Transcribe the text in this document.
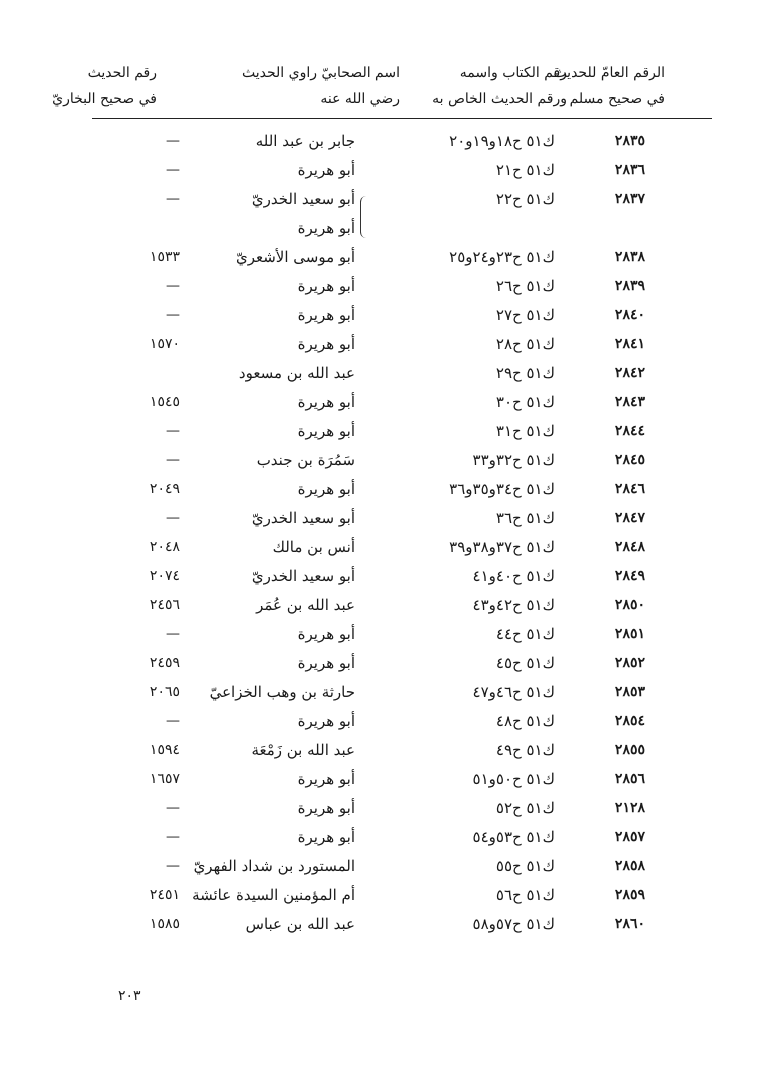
الرقم العامّ للحديث
في صحيح مسلم
رقم الكتاب واسمه
ورقم الحديث الخاص به
اسم الصحابيّ راوي الحديث
رضي الله عنه
رقم الحديث
في صحيح البخاريّ
٢٨٣٥
ك٥١ ح١٨و١٩و٢٠
جابر بن عبد الله
—
٢٨٣٦
ك٥١ ح٢١
أبو هريرة
—
٢٨٣٧
ك٥١ ح٢٢
أبو سعيد الخدريّ
—
أبو هريرة
٢٨٣٨
ك٥١ ح٢٣و٢٤و٢٥
أبو موسى الأشعريّ
١٥٣٣
٢٨٣٩
ك٥١ ح٢٦
أبو هريرة
—
٢٨٤٠
ك٥١ ح٢٧
أبو هريرة
—
٢٨٤١
ك٥١ ح٢٨
أبو هريرة
١٥٧٠
٢٨٤٢
ك٥١ ح٢٩
عبد الله بن مسعود
٢٨٤٣
ك٥١ ح٣٠
أبو هريرة
١٥٤٥
٢٨٤٤
ك٥١ ح٣١
أبو هريرة
—
٢٨٤٥
ك٥١ ح٣٢و٣٣
سَمُرَة بن جندب
—
٢٨٤٦
ك٥١ ح٣٤و٣٥و٣٦
أبو هريرة
٢٠٤٩
٢٨٤٧
ك٥١ ح٣٦
أبو سعيد الخدريّ
—
٢٨٤٨
ك٥١ ح٣٧و٣٨و٣٩
أنس بن مالك
٢٠٤٨
٢٨٤٩
ك٥١ ح٤٠و٤١
أبو سعيد الخدريّ
٢٠٧٤
٢٨٥٠
ك٥١ ح٤٢و٤٣
عبد الله بن عُمَر
٢٤٥٦
٢٨٥١
ك٥١ ح٤٤
أبو هريرة
—
٢٨٥٢
ك٥١ ح٤٥
أبو هريرة
٢٤٥٩
٢٨٥٣
ك٥١ ح٤٦و٤٧
حارثة بن وهب الخزاعيّ
٢٠٦٥
٢٨٥٤
ك٥١ ح٤٨
أبو هريرة
—
٢٨٥٥
ك٥١ ح٤٩
عبد الله بن زَمْعَة
١٥٩٤
٢٨٥٦
ك٥١ ح٥٠و٥١
أبو هريرة
١٦٥٧
٢١٢٨
ك٥١ ح٥٢
أبو هريرة
—
٢٨٥٧
ك٥١ ح٥٣و٥٤
أبو هريرة
—
٢٨٥٨
ك٥١ ح٥٥
المستورد بن شداد الفهريّ
—
٢٨٥٩
ك٥١ ح٥٦
أم المؤمنين السيدة عائشة
٢٤٥١
٢٨٦٠
ك٥١ ح٥٧و٥٨
عبد الله بن عباس
١٥٨٥
٢٠٣
